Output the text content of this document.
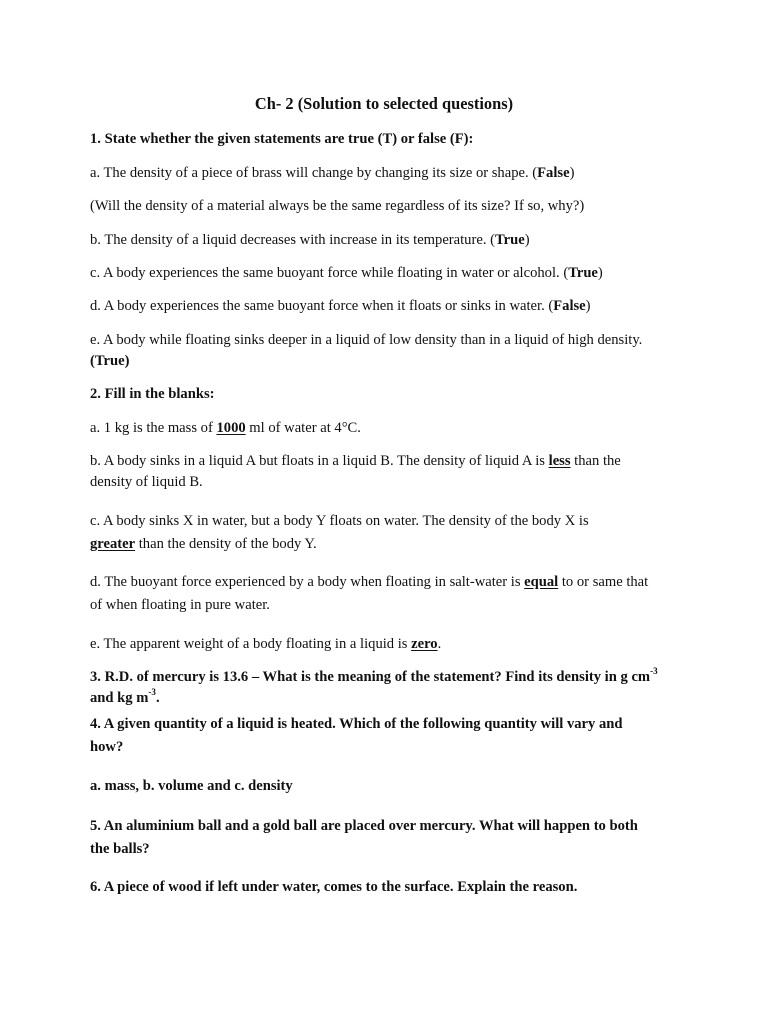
Ch- 2 (Solution to selected questions)
1. State whether the given statements are true (T) or false (F):
a. The density of a piece of brass will change by changing its size or shape. (False)
(Will the density of a material always be the same regardless of its size? If so, why?)
b. The density of a liquid decreases with increase in its temperature. (True)
c. A body experiences the same buoyant force while floating in water or alcohol. (True)
d. A body experiences the same buoyant force when it floats or sinks in water. (False)
e. A body while floating sinks deeper in a liquid of low density than in a liquid of high density.
(True)
2. Fill in the blanks:
a. 1 kg is the mass of 1000 ml of water at 4°C.
b. A body sinks in a liquid A but floats in a liquid B. The density of liquid A is less than the
density of liquid B.
c. A body sinks X in water, but a body Y floats on water. The density of the body X is
greater than the density of the body Y.
d. The buoyant force experienced by a body when floating in salt-water is equal to or same that
of when floating in pure water.
e. The apparent weight of a body floating in a liquid is zero.
3. R.D. of mercury is 13.6 – What is the meaning of the statement? Find its density in g $cm^{-3}$
and kg $m^{-3}$.
4. A given quantity of a liquid is heated. Which of the following quantity will vary and
how?
a. mass, b. volume and c. density
5. An aluminium ball and a gold ball are placed over mercury. What will happen to both
the balls?
6. A piece of wood if left under water, comes to the surface. Explain the reason.
